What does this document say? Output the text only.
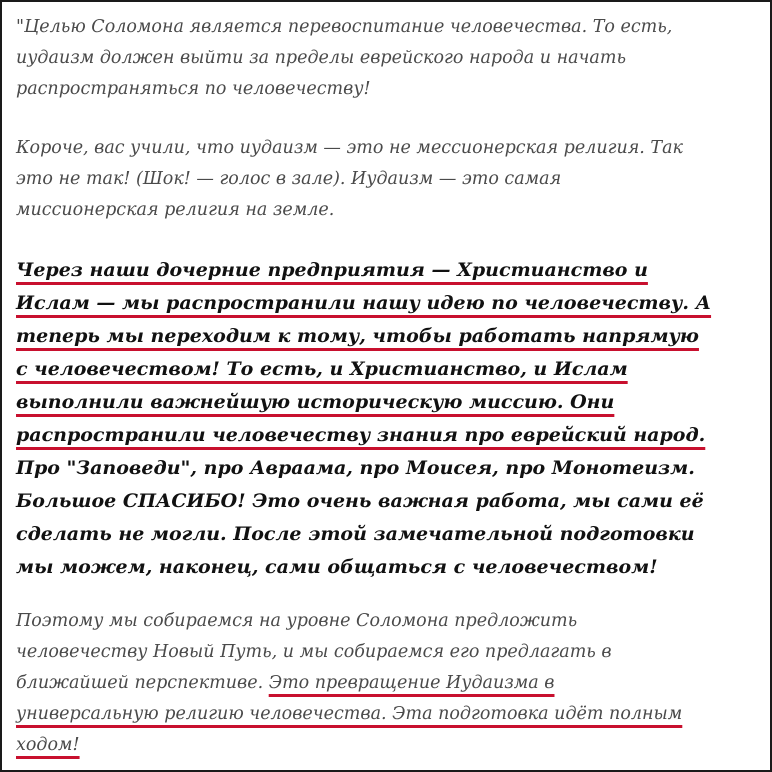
"Целью Соломона является перевоспитание человечества. То есть,
иудаизм должен выйти за пределы еврейского народа и начать
распространяться по человечеству!

Короче, вас учили, что иудаизм — это не мессионерская религия. Так
это не так! (Шок! — голос в зале). Иудаизм — это самая
миссионерская религия на земле.

Через наши дочерние предприятия — Христианство и
Ислам — мы распространили нашу идею по человечеству. А
теперь мы переходим к тому, чтобы работать напрямую
с человечеством! То есть, и Христианство, и Ислам
выполнили важнейшую историческую миссию. Они
распространили человечеству знания про еврейский народ.
Про "Заповеди", про Авраама, про Моисея, про Монотеизм.
Большое СПАСИБО! Это очень важная работа, мы сами её
сделать не могли. После этой замечательной подготовки
мы можем, наконец, сами общаться с человечеством!

Поэтому мы собираемся на уровне Соломона предложить
человечеству Новый Путь, и мы собираемся его предлагать в
ближайшей перспективе. Это превращение Иудаизма в
универсальную религию человечества. Эта подготовка идёт полным
ходом!
